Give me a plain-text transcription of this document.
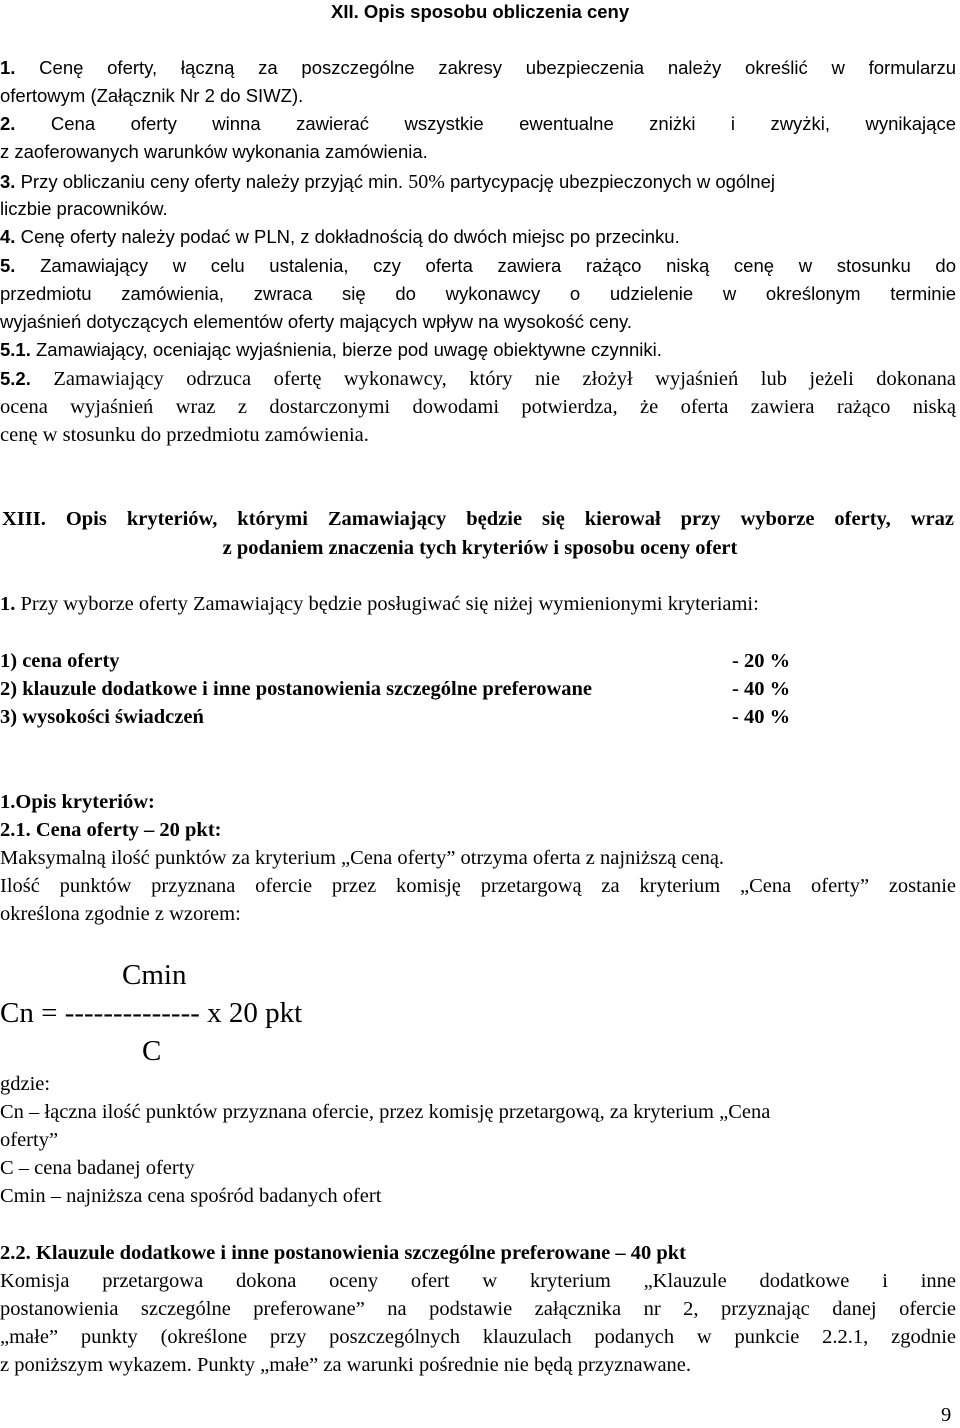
XII. Opis sposobu obliczenia ceny
1. Cenę oferty, łączną za poszczególne zakresy ubezpieczenia należy określić w formularzu
ofertowym (Załącznik Nr 2 do SIWZ).
2. Cena oferty winna zawierać wszystkie ewentualne zniżki i zwyżki, wynikające
z zaoferowanych warunków wykonania zamówienia.
3. Przy obliczaniu ceny oferty należy przyjąć min. 50% partycypację ubezpieczonych w ogólnej
liczbie pracowników.
4. Cenę oferty należy podać w PLN, z dokładnością do dwóch miejsc po przecinku.
5. Zamawiający w celu ustalenia, czy oferta zawiera rażąco niską cenę w stosunku do
przedmiotu zamówienia, zwraca się do wykonawcy o udzielenie w określonym terminie
wyjaśnień dotyczących elementów oferty mających wpływ na wysokość ceny.
5.1. Zamawiający, oceniając wyjaśnienia, bierze pod uwagę obiektywne czynniki.
5.2. Zamawiający odrzuca ofertę wykonawcy, który nie złożył wyjaśnień lub jeżeli dokonana
ocena wyjaśnień wraz z dostarczonymi dowodami potwierdza, że oferta zawiera rażąco niską
cenę w stosunku do przedmiotu zamówienia.
XIII. Opis kryteriów, którymi Zamawiający będzie się kierował przy wyborze oferty, wraz
z podaniem znaczenia tych kryteriów i sposobu oceny ofert
1. Przy wyborze oferty Zamawiający będzie posługiwać się niżej wymienionymi kryteriami:
1) cena oferty	- 20 %
2) klauzule dodatkowe i inne postanowienia szczególne preferowane	- 40 %
3) wysokości świadczeń	- 40 %
1.Opis kryteriów:
2.1. Cena oferty – 20 pkt:
Maksymalną ilość punktów za kryterium „Cena oferty” otrzyma oferta z najniższą ceną.
Ilość punktów przyznana ofercie przez komisję przetargową za kryterium „Cena oferty” zostanie
określona zgodnie z wzorem:
Cmin
Cn = -------------- x 20 pkt
C
gdzie:
Cn – łączna ilość punktów przyznana ofercie, przez komisję przetargową, za kryterium „Cena
oferty”
C – cena badanej oferty
Cmin – najniższa cena spośród badanych ofert
2.2. Klauzule dodatkowe i inne postanowienia szczególne preferowane – 40 pkt
Komisja przetargowa dokona oceny ofert w kryterium „Klauzule dodatkowe i inne
postanowienia szczególne preferowane” na podstawie załącznika nr 2, przyznając danej ofercie
„małe” punkty (określone przy poszczególnych klauzulach podanych w punkcie 2.2.1, zgodnie
z poniższym wykazem. Punkty „małe” za warunki pośrednie nie będą przyznawane.
9
